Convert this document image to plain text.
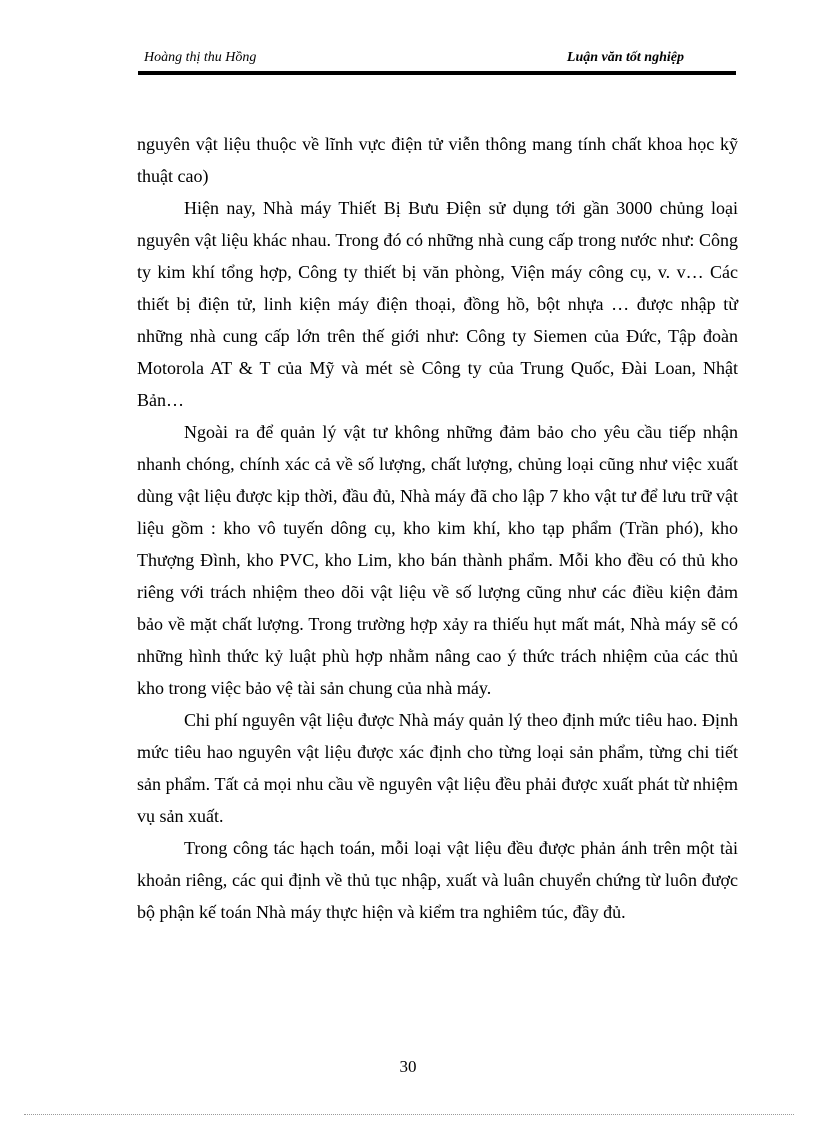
Hoàng thị thu Hồng	Luận văn tốt nghiệp

nguyên vật liệu thuộc về lĩnh vực điện tử viễn thông mang tính chất khoa học kỹ thuật cao)

Hiện nay, Nhà máy Thiết Bị Bưu Điện sử dụng tới gần 3000 chủng loại nguyên vật liệu khác nhau. Trong đó có những nhà cung cấp trong nước như: Công ty kim khí tổng hợp, Công ty thiết bị văn phòng, Viện máy công cụ, v. v… Các thiết bị điện tử, linh kiện máy điện thoại, đồng hồ, bột nhựa … được nhập từ những nhà cung cấp lớn trên thế giới như: Công ty Siemen của Đức, Tập đoàn Motorola AT & T của Mỹ và mét sè Công ty của Trung Quốc, Đài Loan, Nhật Bản…

Ngoài ra để quản lý vật tư không những đảm bảo cho yêu cầu tiếp nhận nhanh chóng, chính xác cả về số lượng, chất lượng, chủng loại cũng như việc xuất dùng vật liệu được kịp thời, đầu đủ, Nhà máy đã cho lập 7 kho vật tư để lưu trữ vật liệu gồm : kho vô tuyến dông cụ, kho kim khí, kho tạp phẩm (Trần phó), kho Thượng Đình, kho PVC, kho Lim, kho bán thành phẩm. Mỗi kho đều có thủ kho riêng với trách nhiệm theo dõi vật liệu về số lượng cũng như các điều kiện đảm bảo về mặt chất lượng. Trong trường hợp xảy ra thiếu hụt mất mát, Nhà máy sẽ có những hình thức kỷ luật phù hợp nhằm nâng cao ý thức trách nhiệm của các thủ kho trong việc bảo vệ tài sản chung của nhà máy.

Chi phí nguyên vật liệu được Nhà máy quản lý theo định mức tiêu hao. Định mức tiêu hao nguyên vật liệu được xác định cho từng loại sản phẩm, từng chi tiết sản phẩm. Tất cả mọi nhu cầu về nguyên vật liệu đều phải được xuất phát từ nhiệm vụ sản xuất.

Trong công tác hạch toán, mỗi loại vật liệu đều được phản ánh trên một tài khoản riêng, các qui định về thủ tục nhập, xuất và luân chuyển chứng từ luôn được bộ phận kế toán Nhà máy thực hiện và kiểm tra nghiêm túc, đầy đủ.

30
